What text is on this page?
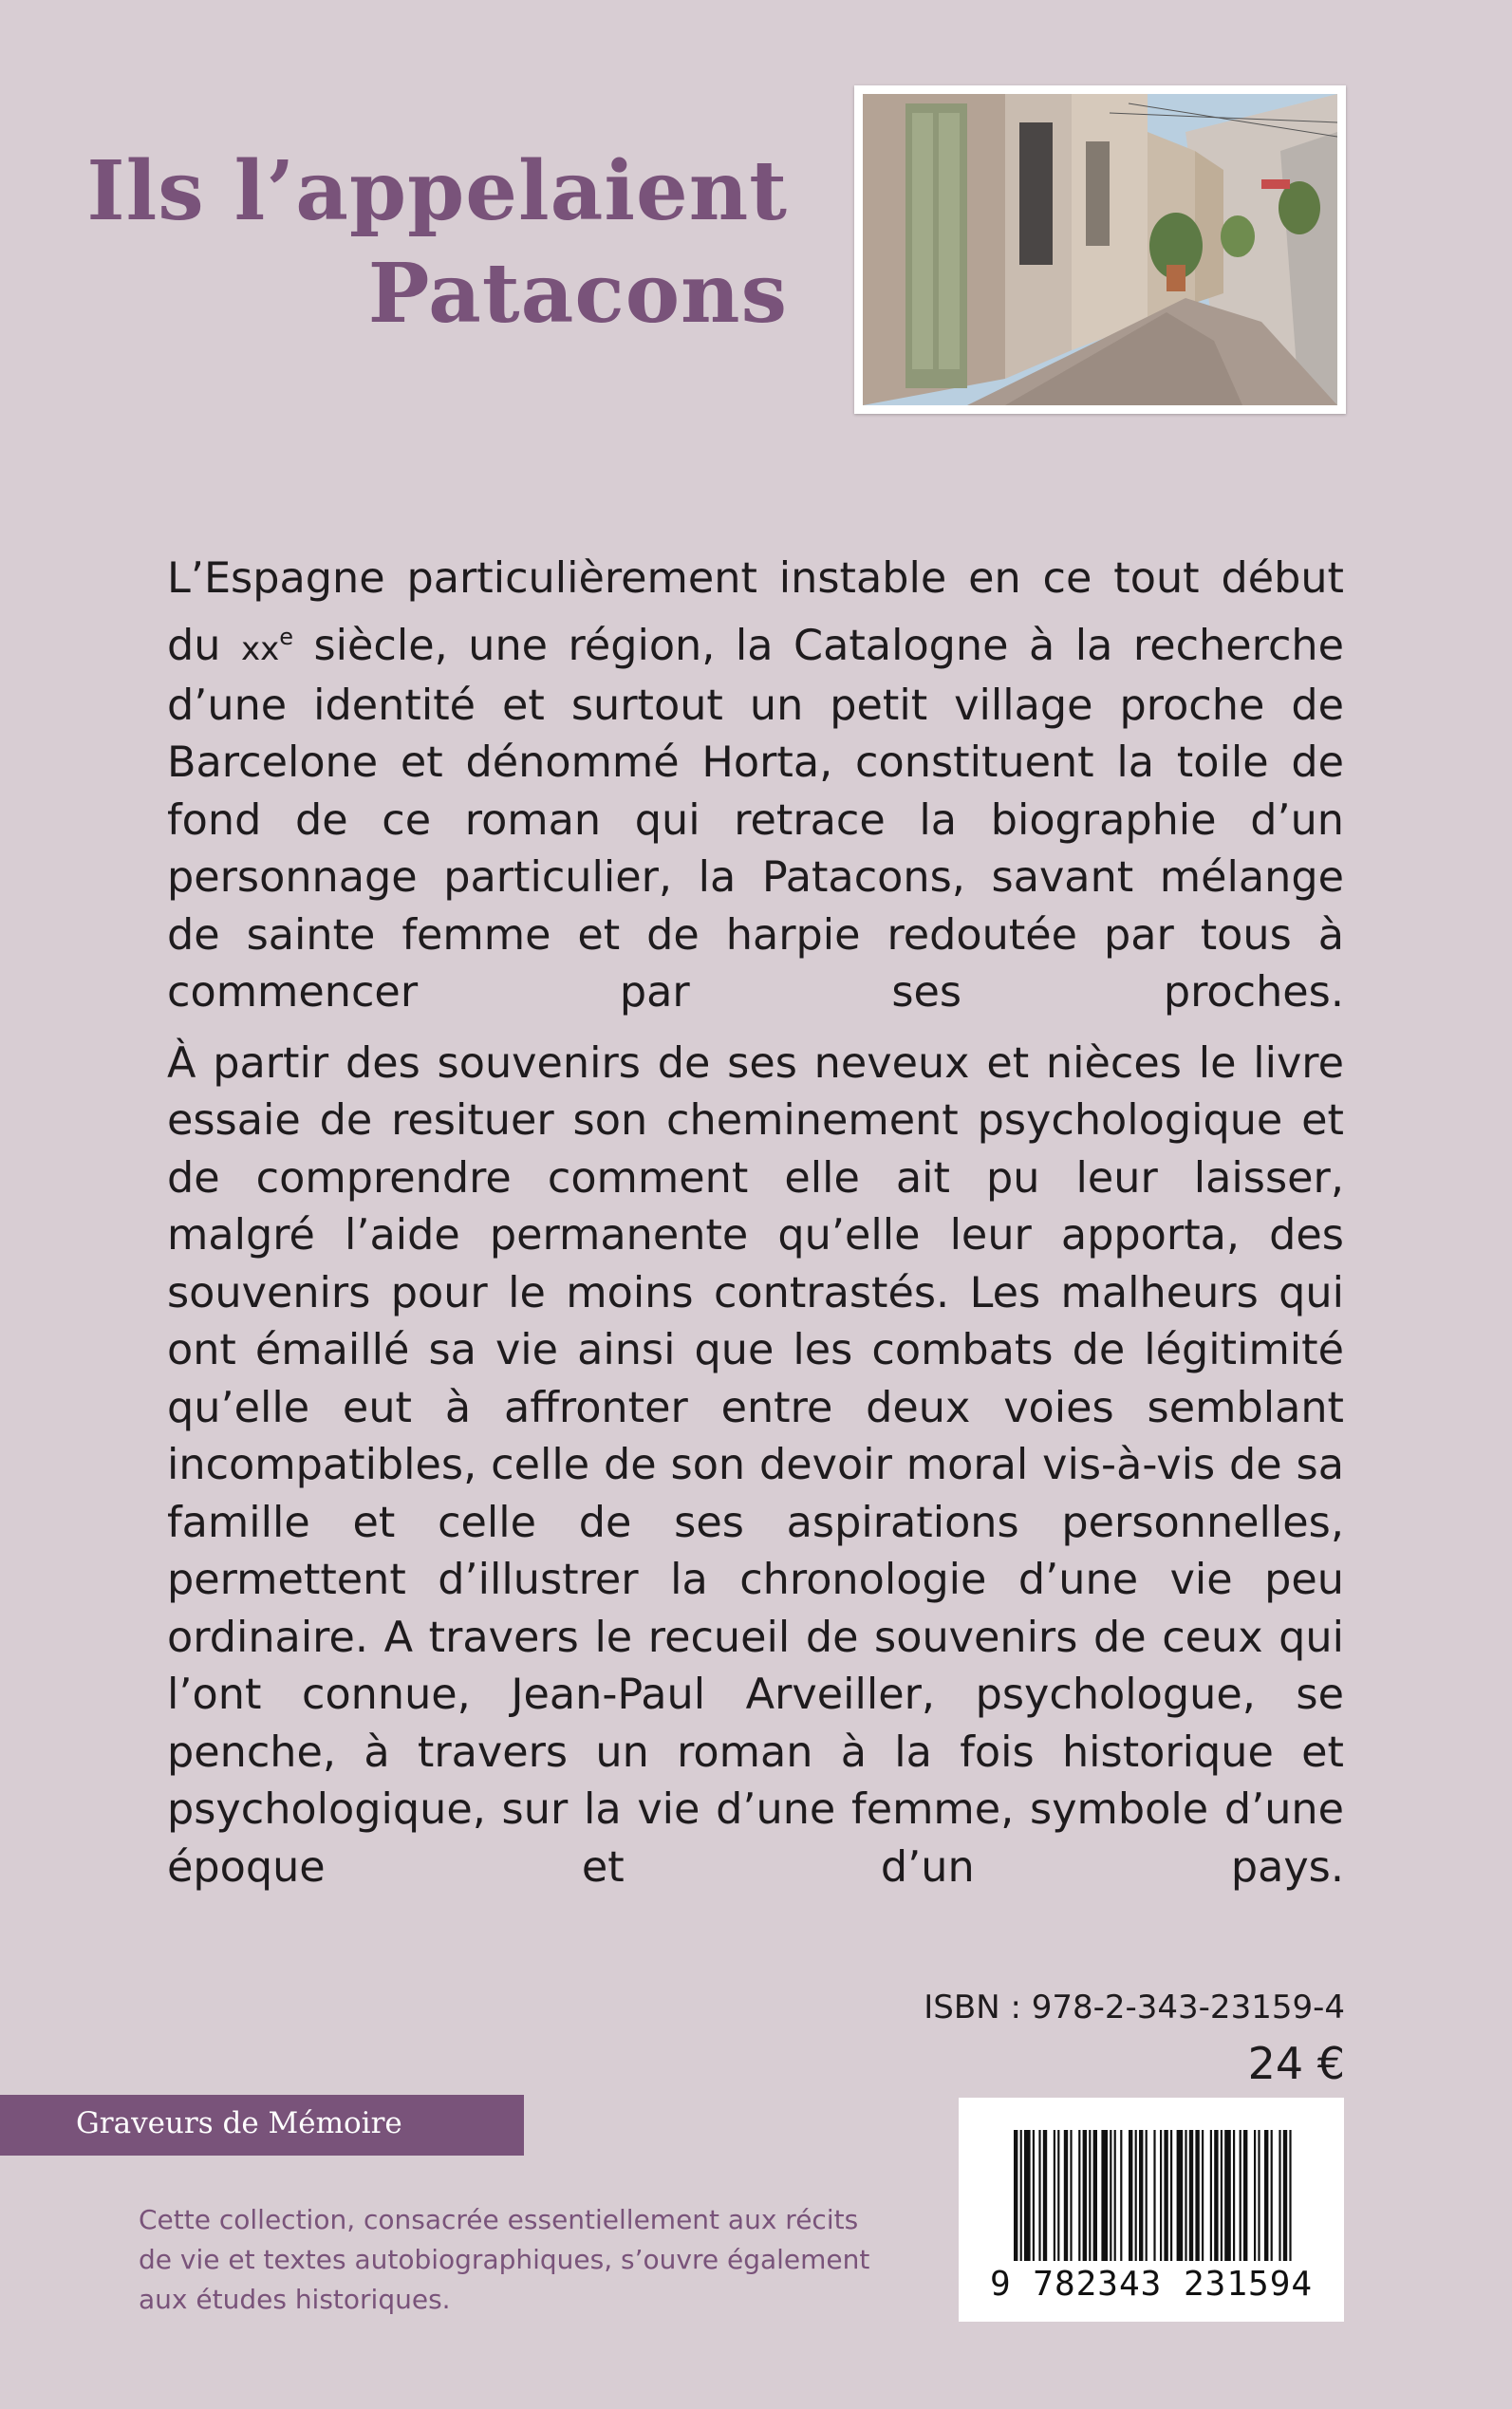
Ils l’appelaient
Patacons

L’Espagne particulièrement instable en ce tout début du $xx^e$ siècle, une région, la Catalogne à la recherche d’une identité et surtout un petit village proche de Barcelone et dénommé Horta, constituent la toile de fond de ce roman qui retrace la biographie d’un personnage particulier, la Patacons, savant mélange de sainte femme et de harpie redoutée par tous à commencer par ses proches.

À partir des souvenirs de ses neveux et nièces le livre essaie de resituer son cheminement psychologique et de comprendre comment elle ait pu leur laisser, malgré l’aide permanente qu’elle leur apporta, des souvenirs pour le moins contrastés. Les malheurs qui ont émaillé sa vie ainsi que les combats de légitimité qu’elle eut à affronter entre deux voies semblant incompatibles, celle de son devoir moral vis-à-vis de sa famille et celle de ses aspirations personnelles, permettent d’illustrer la chronologie d’une vie peu ordinaire. A travers le recueil de souvenirs de ceux qui l’ont connue, Jean-Paul Arveiller, psychologue, se penche, à travers un roman à la fois historique et psychologique, sur la vie d’une femme, symbole d’une époque et d’un pays.

ISBN : 978-2-343-23159-4
24 €
9 782343 231594
Graveurs de Mémoire
Cette collection, consacrée essentiellement aux récits
de vie et textes autobiographiques, s’ouvre également
aux études historiques.
